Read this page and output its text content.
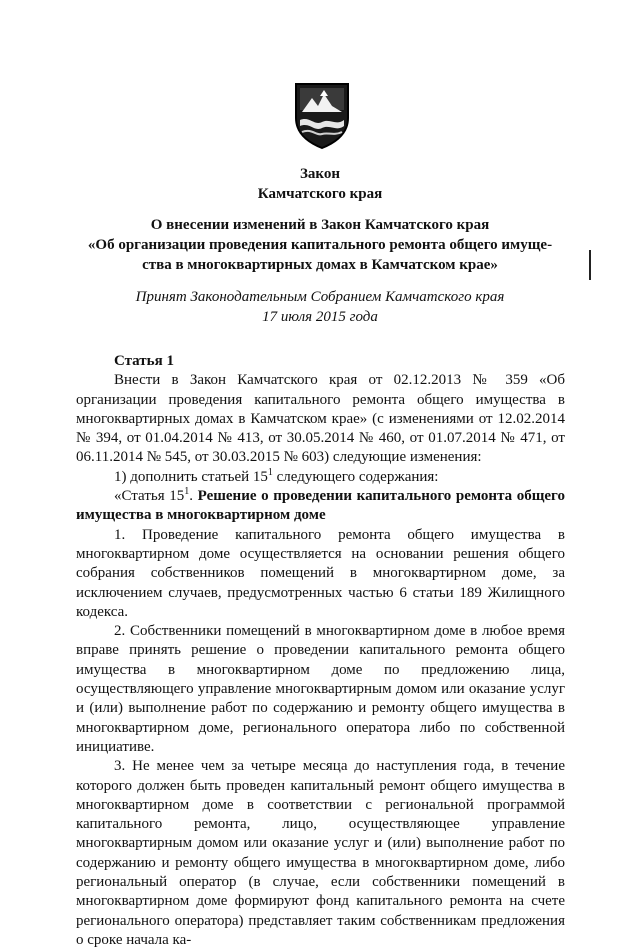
Закон
Камчатского края
О внесении изменений в Закон Камчатского края
«Об организации проведения капитального ремонта общего имуще-
ства в многоквартирных домах в Камчатском крае»
Принят Законодательным Собранием Камчатского края
17 июля 2015 года

Статья 1

Внести в Закон Камчатского края от 02.12.2013 № 359 «Об организации проведения капитального ремонта общего имущества в многоквартирных домах в Камчатском крае» (с изменениями от 12.02.2014 № 394, от 01.04.2014 № 413, от 30.05.2014 № 460, от 01.07.2014 № 471, от 06.11.2014 № 545, от 30.03.2015 № 603) следующие изменения:

1) дополнить статьей $15^1$ следующего содержания:

«Статья $15^1$. Решение о проведении капитального ремонта общего имущества в многоквартирном доме

1. Проведение капитального ремонта общего имущества в многоквартирном доме осуществляется на основании решения общего собрания собственников помещений в многоквартирном доме, за исключением случаев, предусмотренных частью 6 статьи 189 Жилищного кодекса.

2. Собственники помещений в многоквартирном доме в любое время вправе принять решение о проведении капитального ремонта общего имущества в многоквартирном доме по предложению лица, осуществляющего управление многоквартирным домом или оказание услуг и (или) выполнение работ по содержанию и ремонту общего имущества в многоквартирном доме, регионального оператора либо по собственной инициативе.

3. Не менее чем за четыре месяца до наступления года, в течение которого должен быть проведен капитальный ремонт общего имущества в многоквартирном доме в соответствии с региональной программой капитального ремонта, лицо, осуществляющее управление многоквартирным домом или оказание услуг и (или) выполнение работ по содержанию и ремонту общего имущества в многоквартирном доме, либо региональный оператор (в случае, если собственники помещений в многоквартирном доме формируют фонд капитального ремонта на счете регионального оператора) представляет таким собственникам предложения о сроке начала ка-
